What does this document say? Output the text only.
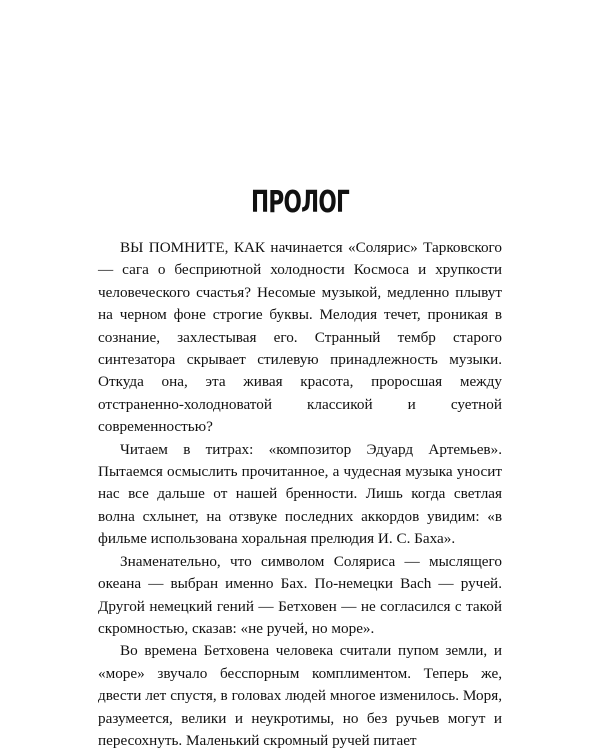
ПРОЛОГ

ВЫ ПОМНИТЕ, КАК начинается «Солярис» Тарковского — сага о бесприютной холодности Космоса и хрупкости человеческого счастья? Несомые музыкой, медленно плывут на черном фоне строгие буквы. Мелодия течет, проникая в сознание, захлестывая его. Странный тембр старого синтезатора скрывает стилевую принадлежность музыки. Откуда она, эта живая красота, проросшая между отстраненно-холодноватой классикой и суетной современностью?

Читаем в титрах: «композитор Эдуард Артемьев». Пытаемся осмыслить прочитанное, а чудесная музыка уносит нас все дальше от нашей бренности. Лишь когда светлая волна схлынет, на отзвуке последних аккордов увидим: «в фильме использована хоральная прелюдия И. С. Баха».

Знаменательно, что символом Соляриса — мыслящего океана — выбран именно Бах. По-немецки Bach — ручей. Другой немецкий гений — Бетховен — не согласился с такой скромностью, сказав: «не ручей, но море».

Во времена Бетховена человека считали пупом земли, и «море» звучало бесспорным комплиментом. Теперь же, двести лет спустя, в головах людей многое изменилось. Моря, разумеется, велики и неукротимы, но без ручьев могут и пересохнуть. Маленький скромный ручей питает
